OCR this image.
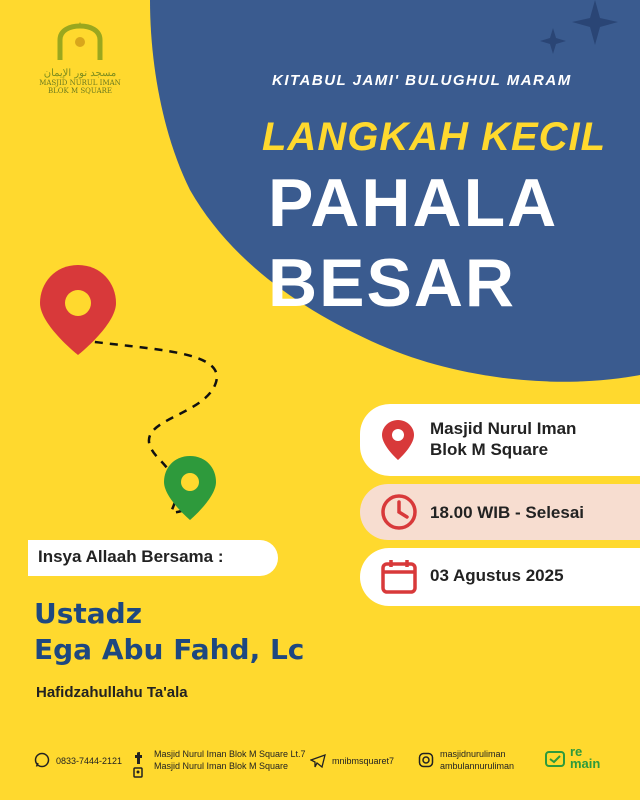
مسجد نور الإيمان
MASJID NURUL IMAN
BLOK M SQUARE
KITABUL JAMI' BULUGHUL MARAM
LANGKAH KECIL
PAHALA
BESAR
Masjid Nurul Iman
Blok M Square
18.00 WIB - Selesai
03 Agustus 2025
Insya Allaah Bersama :
Ustadz
Ega Abu Fahd, Lc
Hafidzahullahu Ta'ala
0833-7444-2121
Masjid Nurul Iman Blok M Square Lt.7
Masjid Nurul Iman Blok M Square	mnibmsquaret7
masjidnuruliman
ambulannuruliman
re main
